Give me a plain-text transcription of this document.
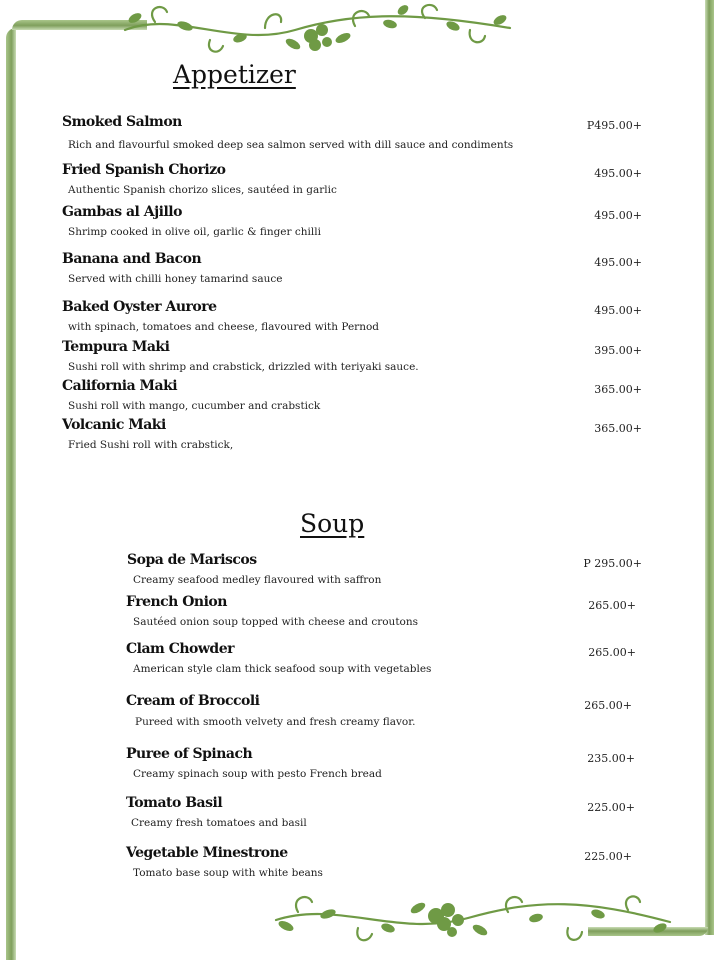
Appetizer
Smoked Salmon	P495.00+
Rich and flavourful smoked deep sea salmon served with dill sauce and condiments
Fried Spanish Chorizo	495.00+
Authentic Spanish chorizo slices, sautéed in garlic
Gambas al Ajillo	495.00+
Shrimp cooked in olive oil, garlic & finger chilli
Banana and Bacon	495.00+
Served with chilli honey tamarind sauce
Baked Oyster Aurore	495.00+
with spinach, tomatoes and cheese, flavoured with Pernod
Tempura Maki	395.00+
Sushi roll with shrimp and crabstick, drizzled with teriyaki sauce.
California Maki	365.00+
Sushi roll with mango, cucumber and crabstick
Volcanic Maki	365.00+
Fried Sushi roll with crabstick,
Soup
Sopa de Mariscos	P 295.00+
Creamy seafood medley flavoured with saffron
French Onion	265.00+
Sautéed onion soup topped with cheese and croutons
Clam Chowder	265.00+
American style clam thick seafood soup with vegetables
Cream of Broccoli	265.00+
Pureed with smooth velvety and fresh creamy flavor.
Puree of Spinach	235.00+
Creamy spinach soup with pesto French bread
Tomato Basil	225.00+
Creamy fresh tomatoes and basil
Vegetable Minestrone	225.00+
Tomato base soup with white beans
